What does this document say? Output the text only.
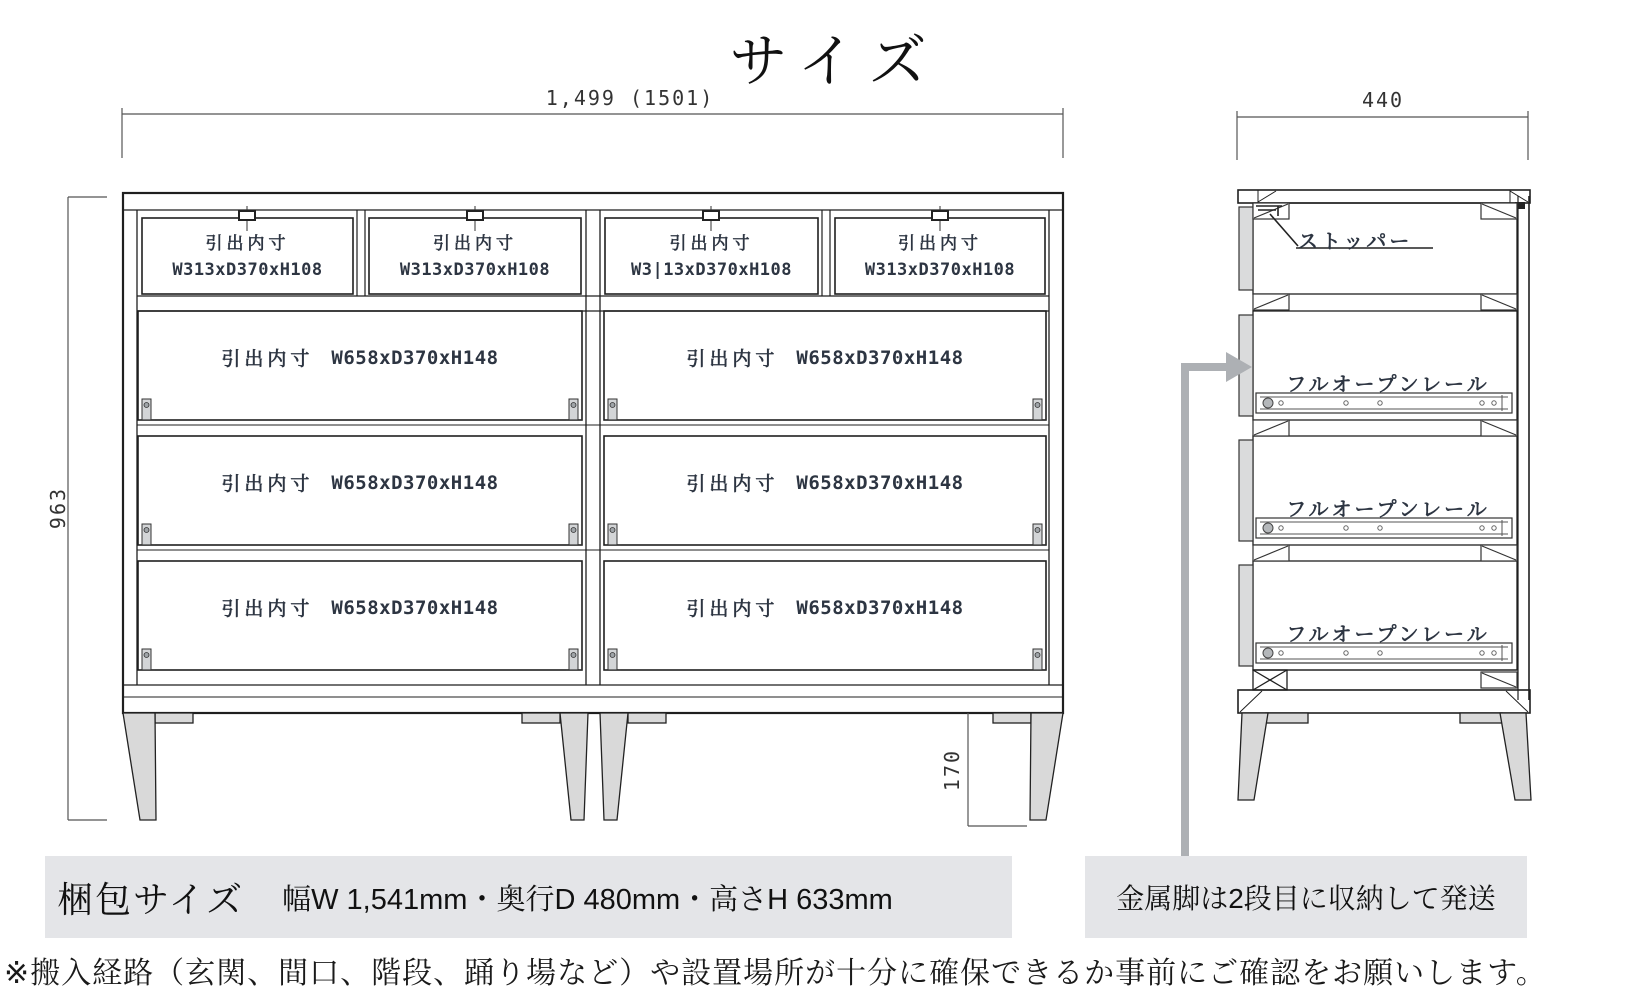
サイズ
1,499 (1501)
963
170
440
引出内寸
W313xD370xH108
引出内寸
W313xD370xH108
引出内寸
W3|13xD370xH108
引出内寸
W313xD370xH108
引出内寸 W658xD370xH148	引出内寸 W658xD370xH148
引出内寸 W658xD370xH148	引出内寸 W658xD370xH148
引出内寸 W658xD370xH148	引出内寸 W658xD370xH148
ストッパー
フルオープンレール
フルオープンレール
フルオープンレール
梱包サイズ 幅W 1,541mm・奥行D 480mm・高さH 633mm	金属脚は2段目に収納して発送
※搬入経路（玄関、間口、階段、踊り場など）や設置場所が十分に確保できるか事前にご確認をお願いします。
